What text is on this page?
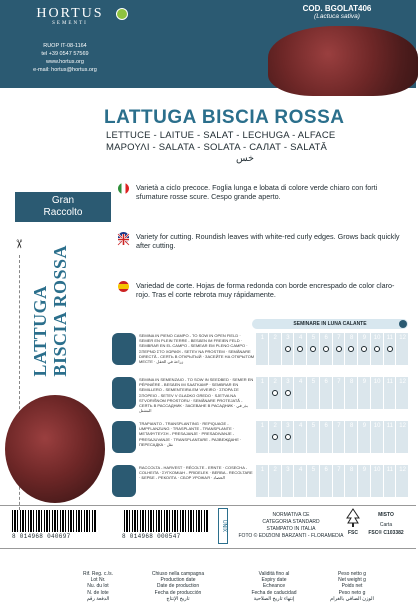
HORTUS
SEMENTI
RUOP IT-08-1164
tel +39 0547 57569
www.hortus.org
e-mail: hortus@hortus.org
COD. BGOLAT406
(Lactuca sativa)
LATTUGA BISCIA ROSSA
LETTUCE - LAITUE - SALAT - LECHUGA - ALFACE
ΜΑΡΟΥΛΙ - SALATA - SOLATA - САЛАТ - SALATĂ
خس
Gran
Raccolto
✂
LATTUGA BISCIA ROSSA
Varietà a ciclo precoce. Foglia lunga e lobata di colore verde chiaro con forti sfumature rosse scure. Cespo grande aperto.
Variety for cutting. Roundish leaves with white-red curly edges. Grows back quickly after cutting.
Variedad de corte. Hojas de forma redonda con borde encrespado de color claro-rojo. Tras el corte rebrota muy rápidamente.
SEMINARE IN LUNA CALANTE
SEMINA IN PIENO CAMPO - TO SOW IN OPEN FIELD · SEMER EN PLEIN TERRE - BESÄEN IM FREIEN FELD · SEMBRAR EN EL CAMPO - SEMEAR EM PLENO CAMPO · ΣΠΕΡΝΩ ΣΤΟ ΧΩΡΑΦΙ - SETEV NA PROSTEM · SEMĂNARE DIRECTĂ - СЕЯТЬ В ОТКРЫТЫЙ · ЗАСЕЙТЕ НА ОТКРЫТОМ МЕСТЕ · زراعة في الحقل
1	2	3	4	5	6	7	8	9	10	11	12
SEMINA IN SEMENZAIO - TO SOW IN SEEDBED · SEMER EN PÉPINIÈRE - BESÄEN IM SAATKAMP · SEMBRAR EN SEMILLERO - SEMENTEIRA EM VIVEIRO · ΣΠΟΡΑ ΣΕ ΣΠΟΡΕΙΟ - SETEV V GLADKO GREDO · SJETVA NA STVORIŠNOM PROSTORU · SEMĂNARE PROTEJATĂ - СЕЯТЬ В РАССАДНИК · ЗАСЕВАНЕ В РАСАДНИК · بذر في المشتل
1	2	3	4	5	6	7	8	9	10	11	12
TRAPIANTO - TRANSPLANTING · REPIQUAGE - UMPFLANZUNG · TRASPLANTE - TRANSPLANTE · ΜΕΤΑΦΥΤΕΥΣΗ - PRESAJANJE · PRESADIVANJE - PRESAJUVANJE · TRANSPLANTARE - РАЗВЕЖДАНЕ · ПЕРЕСАДКА · نقل
1	2	3	4	5	6	7	8	9	10	11	12
RACCOLTA - HARVEST · RÉCOLTE - ERNTE · COSECHA - COLHEITA · ΣΥΓΚΟΜΙΔΗ - PRIDELEK · BERBA - RECOLTARE · БЕРБЕ - РЕКОЛТА · СБОР УРОЖАЯ · الحصاد
1	2	3	4	5	6	7	8	9	10	11	12
8 014968 040697	8 014968 000547
UNIX
NORMATIVA CE
CATEGORIA STANDARD
STAMPATO IN ITALIA
FOTO © EDIZIONI BARZANTI - FLORAMEDIA FSC
MISTO
Carta
FSC® C103382
Rif. Reg. c./s.
Lot Nr.
Nu. du lot
N. de lote
الدفعة رقم
Chiuso nella campagna
Production date
Date de production
Fecha de producción
تاريخ الإنتاج
Validità fino al
Expiry date
Echeance
Fecha de caducidad
إنتهاء تاريخ الصلاحية
Peso netto g
Net weight g
Poids net
Peso neto g
الوزن الصافي بالغرام
